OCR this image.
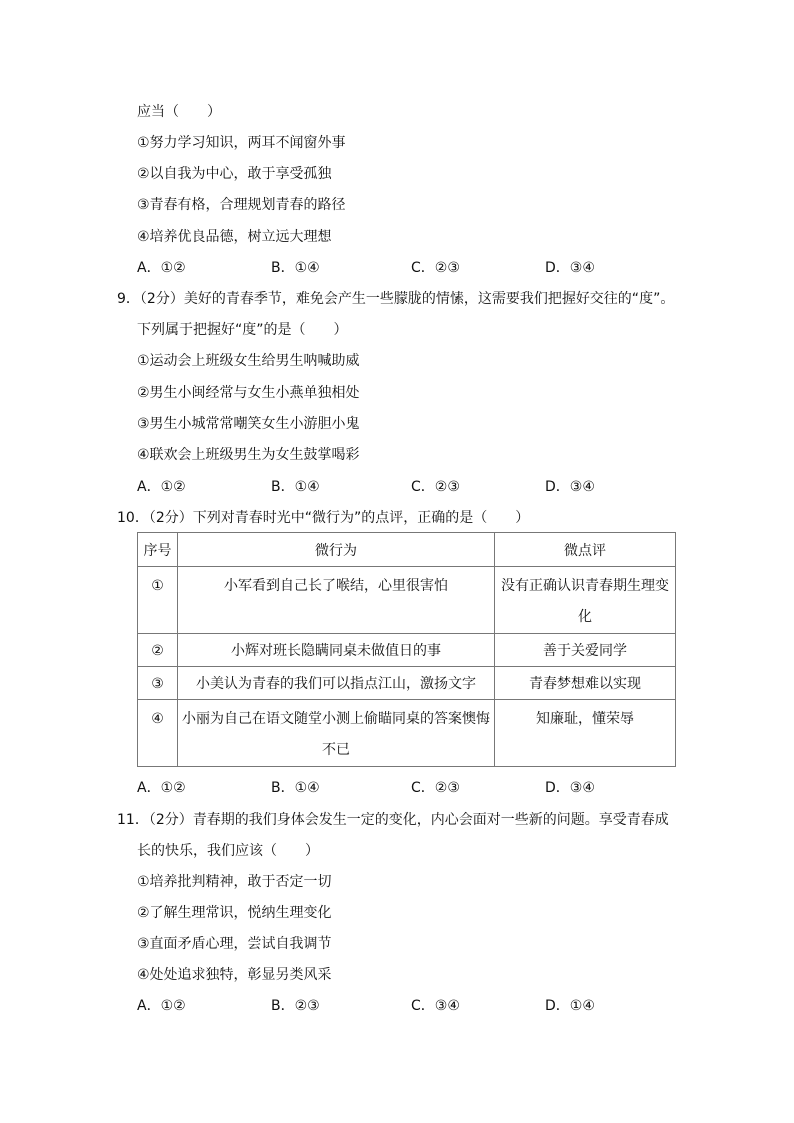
应当（　　）
①努力学习知识，两耳不闻窗外事
②以自我为中心，敢于享受孤独
③青春有格，合理规划青春的路径
④培养优良品德，树立远大理想
A．①②	B．①④	C．②③	D．③④
9．（2分）美好的青春季节，难免会产生一些朦胧的情愫，这需要我们把握好交往的“度”。
下列属于把握好“度”的是（　　）
①运动会上班级女生给男生呐喊助威
②男生小闽经常与女生小燕单独相处
③男生小城常常嘲笑女生小游胆小鬼
④联欢会上班级男生为女生鼓掌喝彩
A．①②	B．①④	C．②③	D．③④
10．（2分）下列对青春时光中“微行为”的点评，正确的是（　　）
序号	微行为	微点评
①	小军看到自己长了喉结，心里很害怕	没有正确认识青春期生理变化
②	小辉对班长隐瞒同桌未做值日的事	善于关爱同学
③	小美认为青春的我们可以指点江山，激扬文字	青春梦想难以实现
④	小丽为自己在语文随堂小测上偷瞄同桌的答案懊悔不已	知廉耻，懂荣辱
A．①②	B．①④	C．②③	D．③④
11．（2分）青春期的我们身体会发生一定的变化，内心会面对一些新的问题。享受青春成
长的快乐，我们应该（　　）
①培养批判精神，敢于否定一切
②了解生理常识，悦纳生理变化
③直面矛盾心理，尝试自我调节
④处处追求独特，彰显另类风采
A．①②	B．②③	C．③④	D．①④
